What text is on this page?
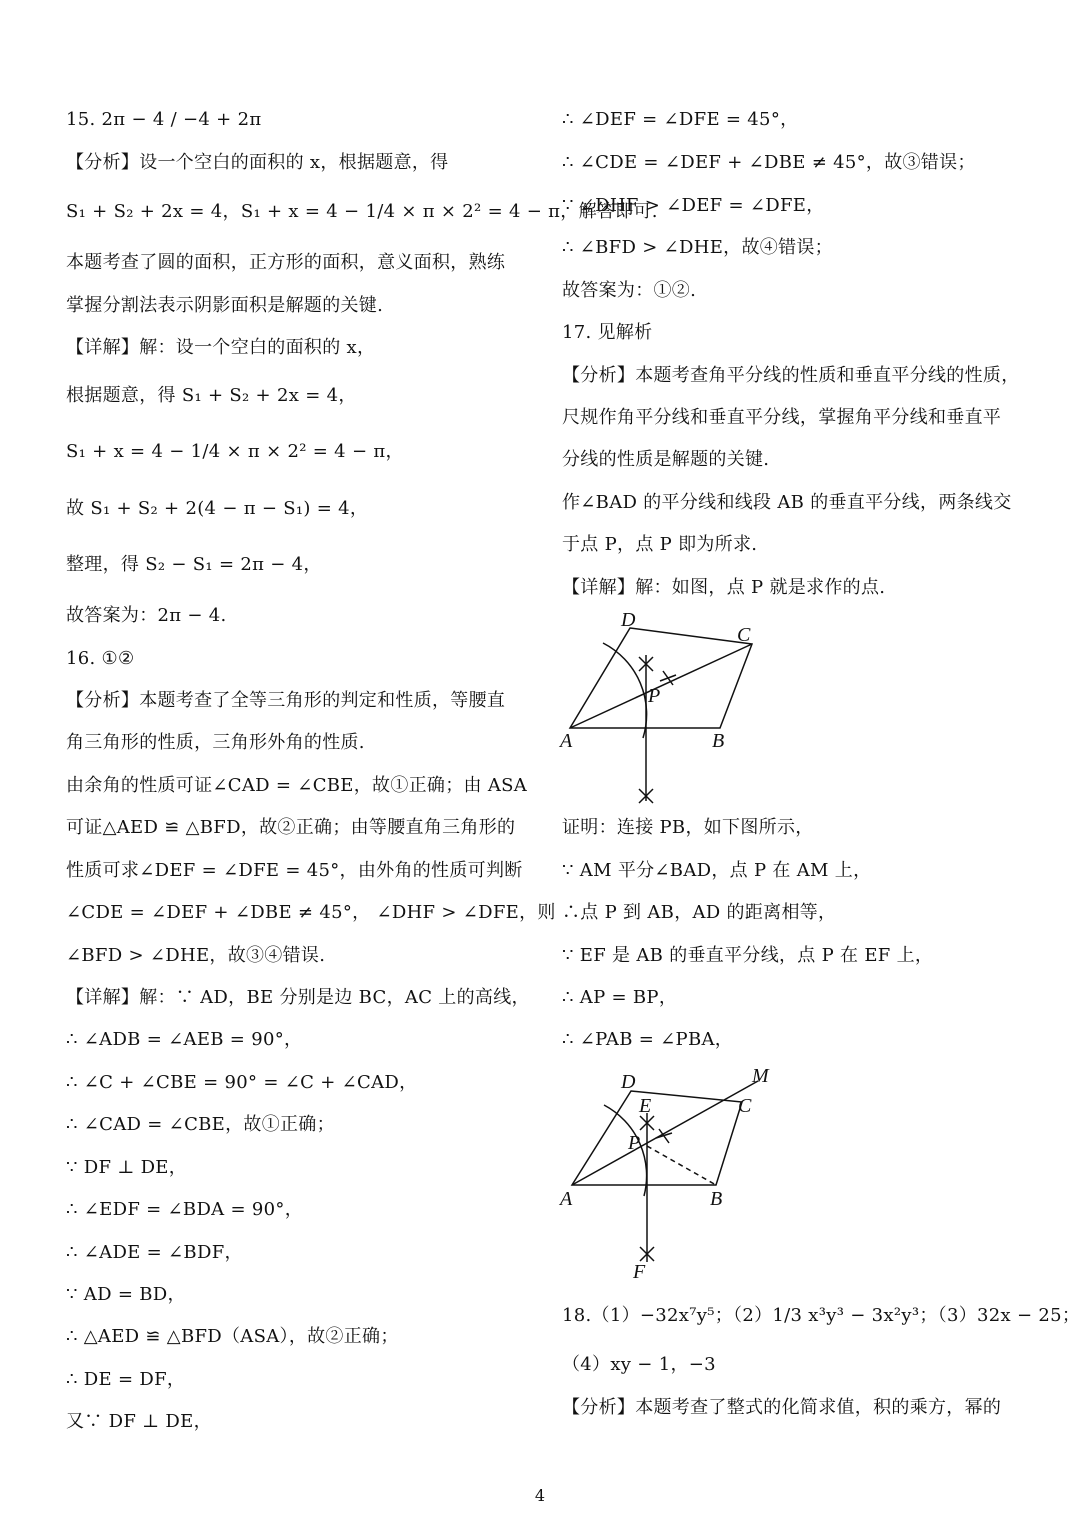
15. 2π − 4 / −4 + 2π
【分析】设一个空白的面积的 x，根据题意，得
S₁ + S₂ + 2x = 4，S₁ + x = 4 − 1/4 × π × 2² = 4 − π，解答即可.
本题考查了圆的面积，正方形的面积，意义面积，熟练
掌握分割法表示阴影面积是解题的关键.
【详解】解：设一个空白的面积的 x，
根据题意，得 S₁ + S₂ + 2x = 4，
S₁ + x = 4 − 1/4 × π × 2² = 4 − π，
故 S₁ + S₂ + 2(4 − π − S₁) = 4，
整理，得 S₂ − S₁ = 2π − 4，
故答案为：2π − 4.
16. ①②
【分析】本题考查了全等三角形的判定和性质，等腰直
角三角形的性质，三角形外角的性质.
由余角的性质可证∠CAD = ∠CBE，故①正确；由 ASA
可证△AED ≌ △BFD，故②正确；由等腰直角三角形的
性质可求∠DEF = ∠DFE = 45°，由外角的性质可判断
∠CDE = ∠DEF + ∠DBE ≠ 45°， ∠DHF > ∠DFE，则
∠BFD > ∠DHE，故③④错误.
【详解】解：∵ AD，BE 分别是边 BC，AC 上的高线，
∴ ∠ADB = ∠AEB = 90°，
∴ ∠C + ∠CBE = 90° = ∠C + ∠CAD，
∴ ∠CAD = ∠CBE，故①正确；
∵ DF ⊥ DE，
∴ ∠EDF = ∠BDA = 90°，
∴ ∠ADE = ∠BDF，
∵ AD = BD，
∴ △AED ≌ △BFD（ASA），故②正确；
∴ DE = DF，
又∵ DF ⊥ DE，
∴ ∠DEF = ∠DFE = 45°，
∴ ∠CDE = ∠DEF + ∠DBE ≠ 45°，故③错误；
∵ ∠DHF > ∠DEF = ∠DFE，
∴ ∠BFD > ∠DHE，故④错误；
故答案为：①②.
17. 见解析
【分析】本题考查角平分线的性质和垂直平分线的性质，
尺规作角平分线和垂直平分线，掌握角平分线和垂直平
分线的性质是解题的关键.
作∠BAD 的平分线和线段 AB 的垂直平分线，两条线交
于点 P，点 P 即为所求.
【详解】解：如图，点 P 就是求作的点.
D
C
P
A	B
证明：连接 PB，如下图所示，
∵ AM 平分∠BAD，点 P 在 AM 上，
∴点 P 到 AB，AD 的距离相等，
∵ EF 是 AB 的垂直平分线，点 P 在 EF 上，
∴ AP = BP，
∴ ∠PAB = ∠PBA，
D	M
E	C
P
A	B
F
18.（1）−32x⁷y⁵；（2）1/3 x³y³ − 3x²y³；（3）32x − 25；
（4）xy − 1，−3
【分析】本题考查了整式的化简求值，积的乘方，幂的
4
